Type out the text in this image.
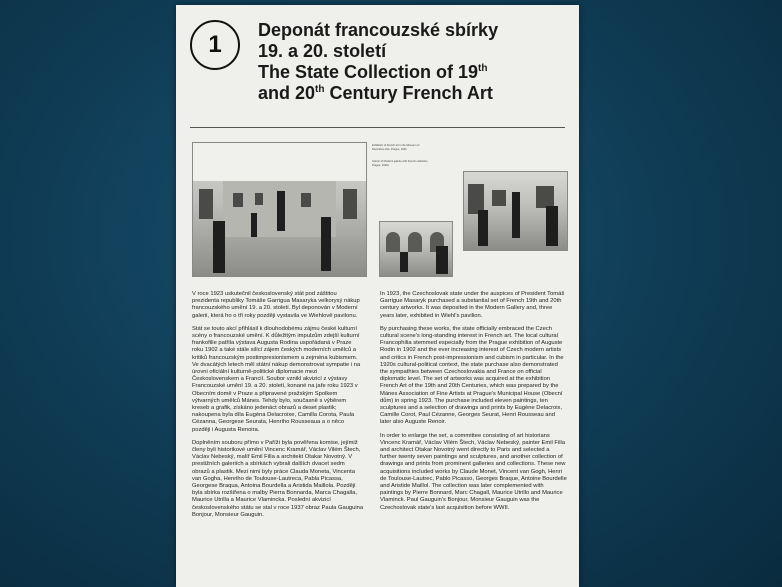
1
Deponát francouzské sbírky
19. a 20. století
The State Collection of 19th
and 20th Century French Art
Exhibition of French art in the Museum of Decorative Arts, Prague, 1923
Interior of Moderní galerie with French collection, Prague, 1920s

V roce 1923 uskutečnil československý stát pod záštitou prezidenta republiky Tomáše Garrigua Masaryka velkorysý nákup francouzského umění 19. a 20. století. Byl deponován v Moderní galerii, která ho o tři roky později vystavila ve Wiehlově pavilonu.

Stát se touto akcí přihlásil k dlouhodobému zájmu české kulturní scény o francouzské umění. K důležitým impulzům zdejší kulturní frankofilie patřila výstava Augusta Rodina uspořádaná v Praze roku 1902 a také stále silící zájem českých moderních umělců a kritiků francouzským postimpresionismem a zejména kubismem. Ve dvacátých letech měl státní nákup demonstrovat sympatie i na úrovni oficiální kulturně-politické diplomacie mezi Československem a Francií. Soubor vznikl akvizicí z výstavy Francouzské umění 19. a 20. století, konané na jaře roku 1923 v Obecním domě v Praze a připravené pražským Spolkem výtvarných umělců Mánes. Tehdy bylo, současně s výběrem kreseb a grafik, získáno jedenáct obrazů a deset plastik; nakoupena byla díla Eugèna Delacroixe, Camilla Corota, Paula Cézanna, Georgese Seurata, Henriho Rousseaua a o něco později i Augusta Renoira.

Doplněním souboru přímo v Paříži byla pověřena komise, jejímiž členy byli historikové umění Vincenc Kramář, Václav Vilém Štech, Václav Nebeský, malíř Emil Filla a architekt Otakar Novotný. V prestižních galeriích a sbírkách vybrali dalších dvacet sedm obrazů a plastik. Mezi nimi byly práce Clauda Moneta, Vincenta van Gogha, Henriho de Toulouse-Lautreca, Pabla Picassa, Georgese Braqua, Antoina Bourdella a Aristida Maillola. Později byla sbírka rozšířena o malby Pierra Bonnarda, Marca Chagalla, Maurice Utrilla a Maurice Vlamincka. Poslední akvizicí československého státu se stal v roce 1937 obraz Paula Gauguina Bonjour, Monsieur Gauguin.

In 1923, the Czechoslovak state under the auspices of President Tomáš Garrigue Masaryk purchased a substantial set of French 19th and 20th century artworks. It was deposited in the Modern Gallery and, three years later, exhibited in Wiehl's pavilion.

By purchasing these works, the state officially embraced the Czech cultural scene's long-standing interest in French art. The local cultural Francophilia stemmed especially from the Prague exhibition of Auguste Rodin in 1902 and the ever increasing interest of Czech modern artists and critics in French post-impressionism and cubism in particular. In the 1920s cultural-political context, the state purchase also demonstrated the sympathies between Czechoslovakia and France on official diplomatic level. The set of artworks was acquired at the exhibition French Art of the 19th and 20th Centuries, which was prepared by the Mánes Association of Fine Artists at Prague's Municipal House (Obecní dům) in spring 1923. The purchase included eleven paintings, ten sculptures and a selection of drawings and prints by Eugène Delacroix, Camille Corot, Paul Cézanne, Georges Seurat, Henri Rousseau and later also Auguste Renoir.

In order to enlarge the set, a committee consisting of art historians Vincenc Kramář, Václav Vilém Štech, Václav Nebeský, painter Emil Filla and architect Otakar Novotný went directly to Paris and selected a further twenty seven paintings and sculptures, and another collection of drawings and prints from prominent galleries and collections. These new acquisitions included works by Claude Monet, Vincent van Gogh, Henri de Toulouse-Lautrec, Pablo Picasso, Georges Braque, Antoine Bourdelle and Aristide Maillol. The collection was later complemented with paintings by Pierre Bonnard, Marc Chagall, Maurice Utrillo and Maurice Vlaminck. Paul Gauguin's Bonjour, Monsieur Gauguin was the Czechoslovak state's last acquisition before WWII.
